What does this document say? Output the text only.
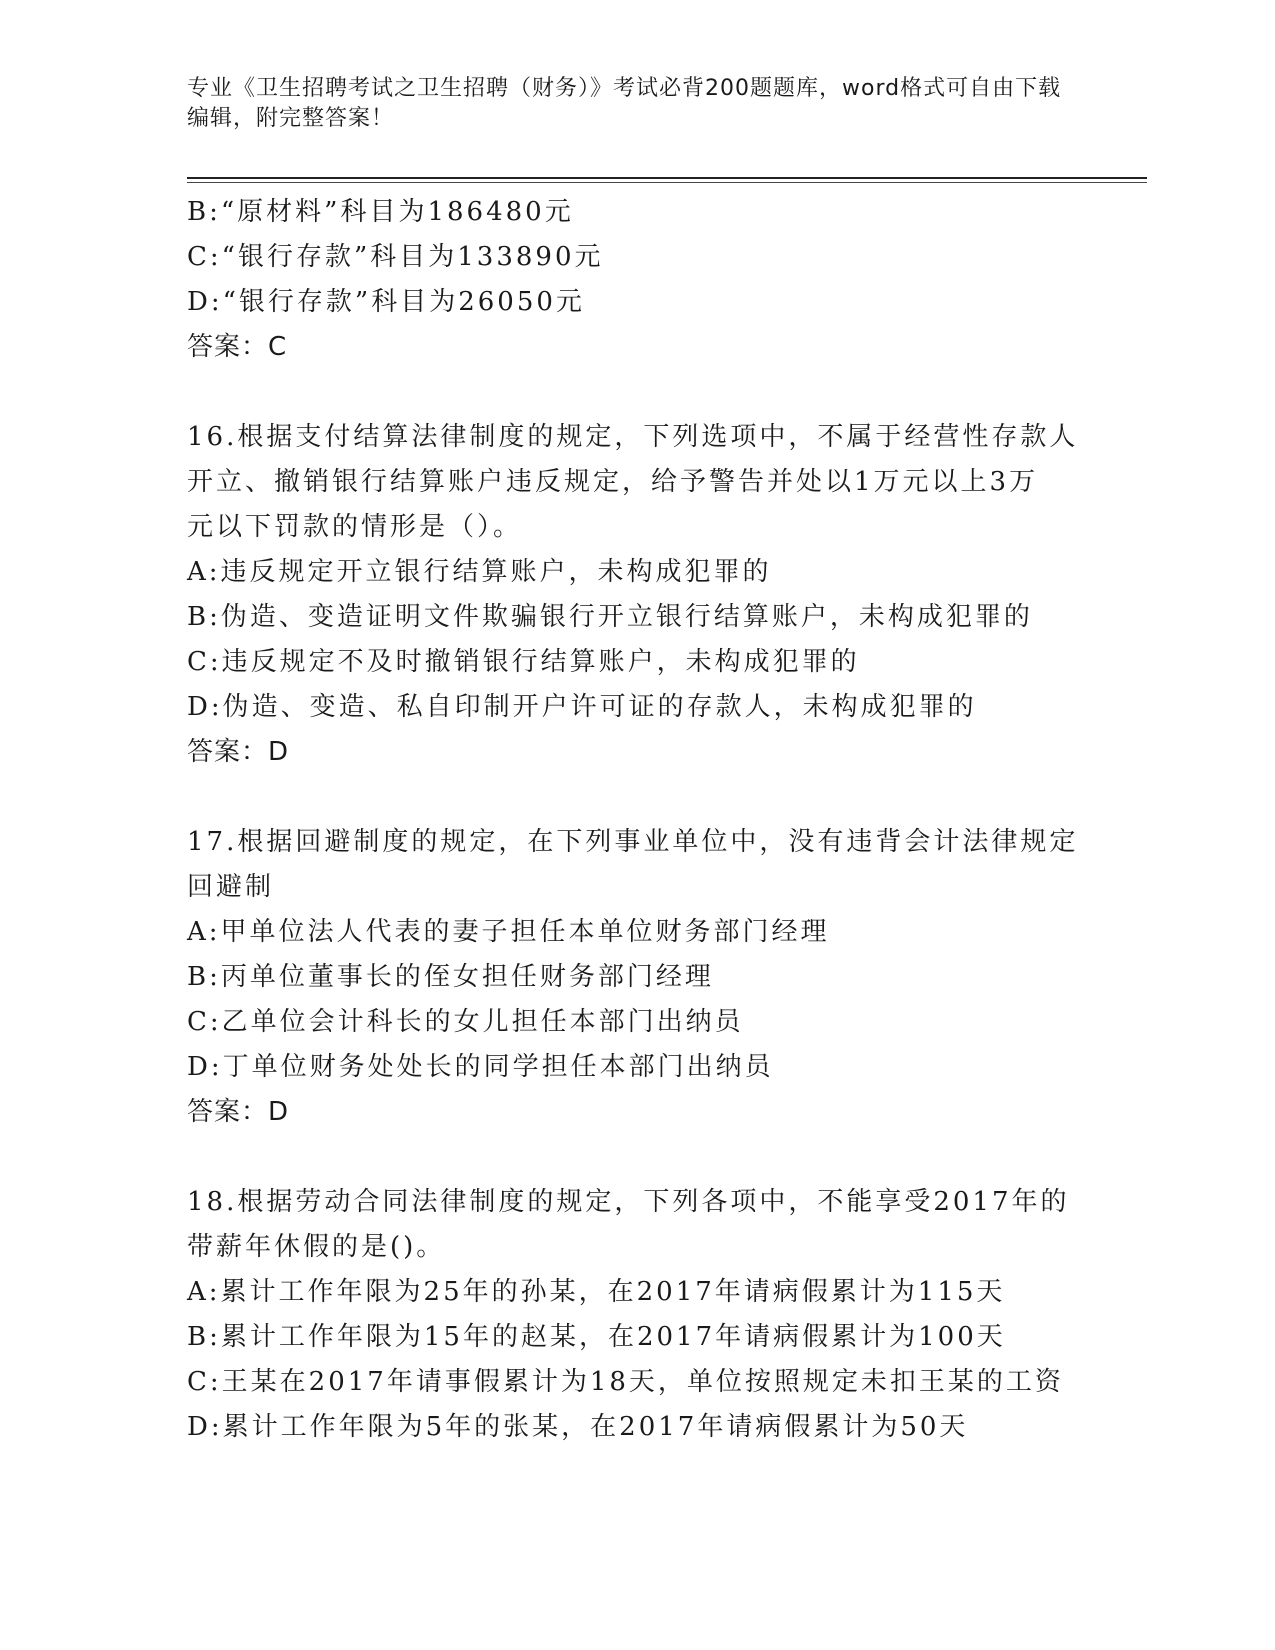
专业《卫生招聘考试之卫生招聘（财务）》考试必背200题题库，word格式可自由下载编辑，附完整答案！
B:“原材料”科目为186480元
C:“银行存款”科目为133890元
D:“银行存款”科目为26050元
答案：C
16.根据支付结算法律制度的规定，下列选项中，不属于经营性存款人
开立、撤销银行结算账户违反规定，给予警告并处以1万元以上3万
元以下罚款的情形是（）。
A:违反规定开立银行结算账户，未构成犯罪的
B:伪造、变造证明文件欺骗银行开立银行结算账户，未构成犯罪的
C:违反规定不及时撤销银行结算账户，未构成犯罪的
D:伪造、变造、私自印制开户许可证的存款人，未构成犯罪的
答案：D
17.根据回避制度的规定，在下列事业单位中，没有违背会计法律规定
回避制
A:甲单位法人代表的妻子担任本单位财务部门经理
B:丙单位董事长的侄女担任财务部门经理
C:乙单位会计科长的女儿担任本部门出纳员
D:丁单位财务处处长的同学担任本部门出纳员
答案：D
18.根据劳动合同法律制度的规定，下列各项中，不能享受2017年的
带薪年休假的是()。
A:累计工作年限为25年的孙某，在2017年请病假累计为115天
B:累计工作年限为15年的赵某，在2017年请病假累计为100天
C:王某在2017年请事假累计为18天，单位按照规定未扣王某的工资
D:累计工作年限为5年的张某，在2017年请病假累计为50天
